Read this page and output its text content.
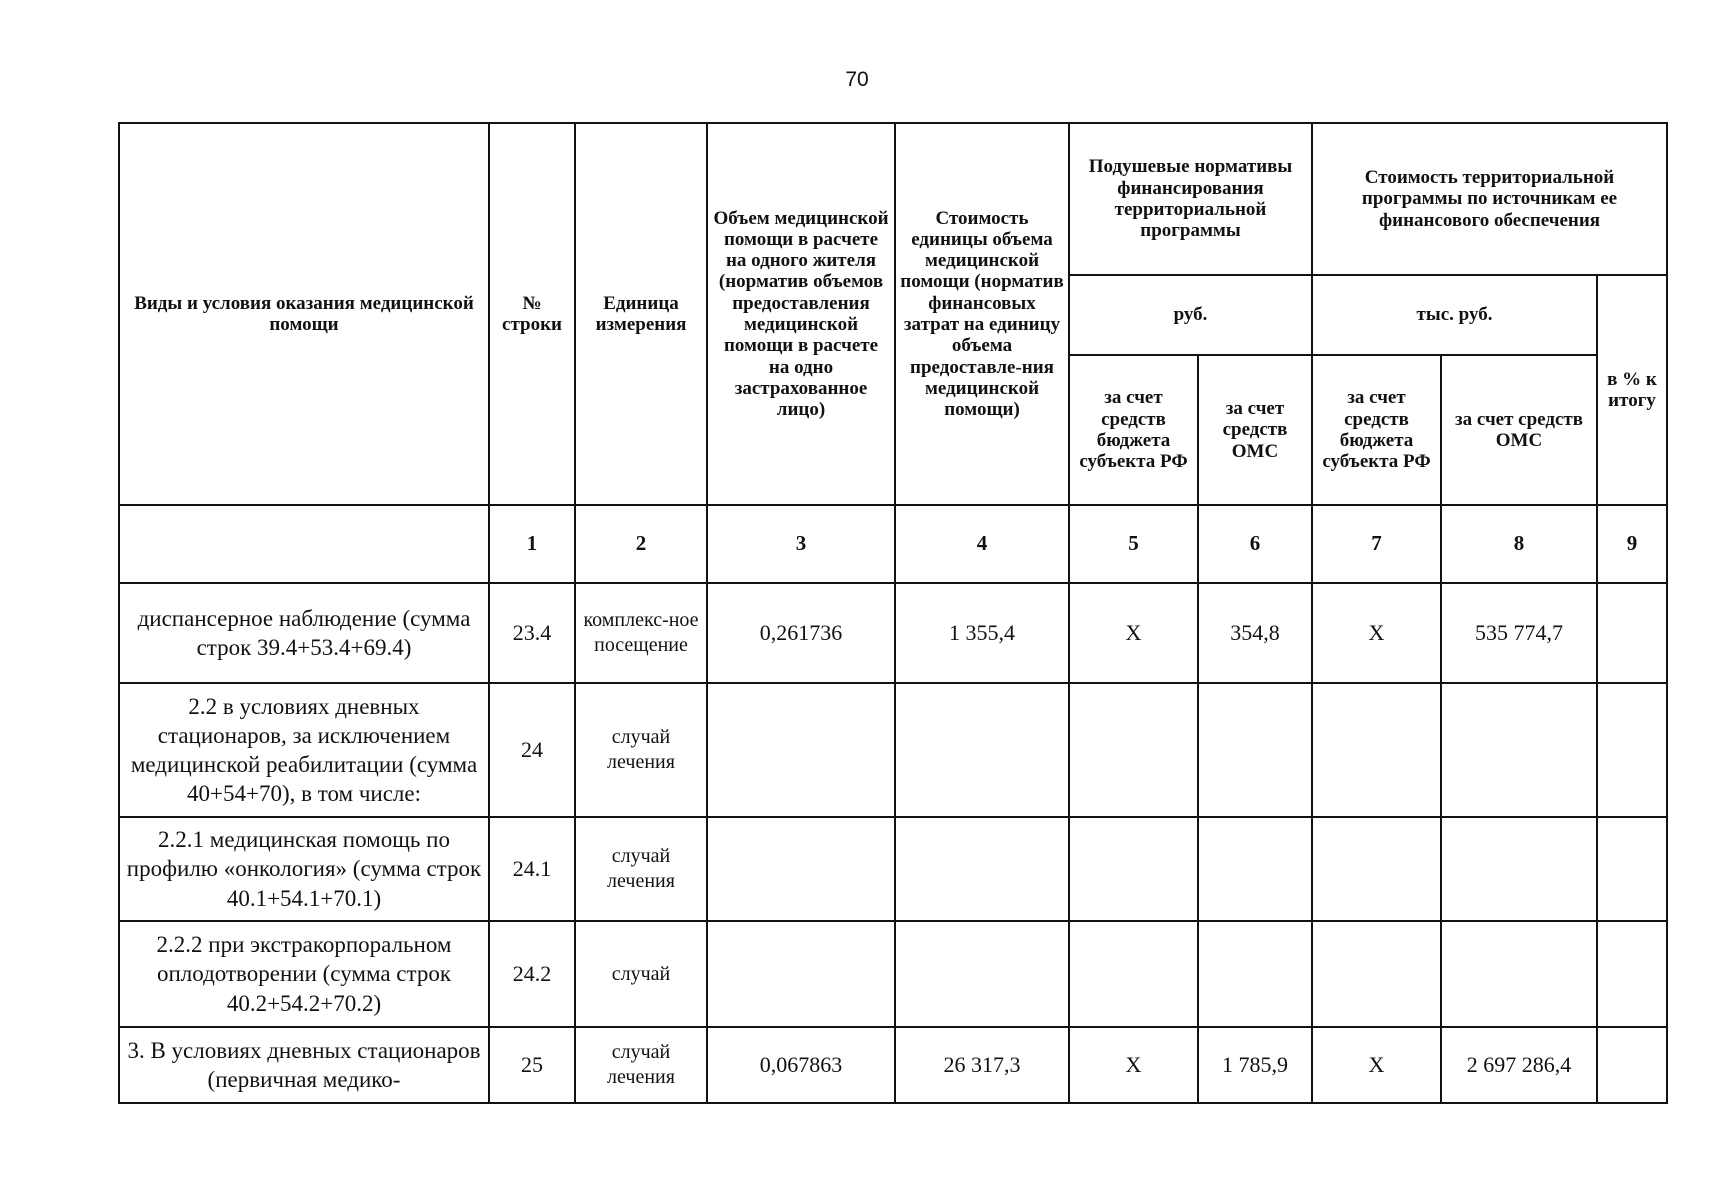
70
Виды и условия оказания медицинской помощи	№ строки	Единица измерения	Объем медицинской помощи в расчете на одного жителя (норматив объемов предоставления медицинской помощи в расчете на одно застрахованное лицо)	Стоимость единицы объема медицинской помощи (норматив финансовых затрат на единицу объема предоставле-ния медицинской помощи)	Подушевые нормативы финансирования территориальной программы		Стоимость территориальной программы по источникам ее финансового обеспечения		
					руб.		тыс. руб.		в % к итогу
					за счет средств бюджета субъекта РФ	за счет средств ОМС	за счет средств бюджета субъекта РФ	за счет средств ОМС	
	1	2	3	4	5	6	7	8	9
диспансерное наблюдение (сумма строк 39.4+53.4+69.4)	23.4	комплекс-ное посещение	0,261736	1 355,4	Х	354,8	Х	535 774,7	
2.2 в условиях дневных стационаров, за исключением медицинской реабилитации (сумма 40+54+70), в том числе:	24	случай лечения							
2.2.1 медицинская помощь по профилю «онкология» (сумма строк 40.1+54.1+70.1)	24.1	случай лечения							
2.2.2 при экстракорпоральном оплодотворении (сумма строк 40.2+54.2+70.2)	24.2	случай							
3. В условиях дневных стационаров (первичная медико-	25	случай лечения	0,067863	26 317,3	Х	1 785,9	Х	2 697 286,4	
